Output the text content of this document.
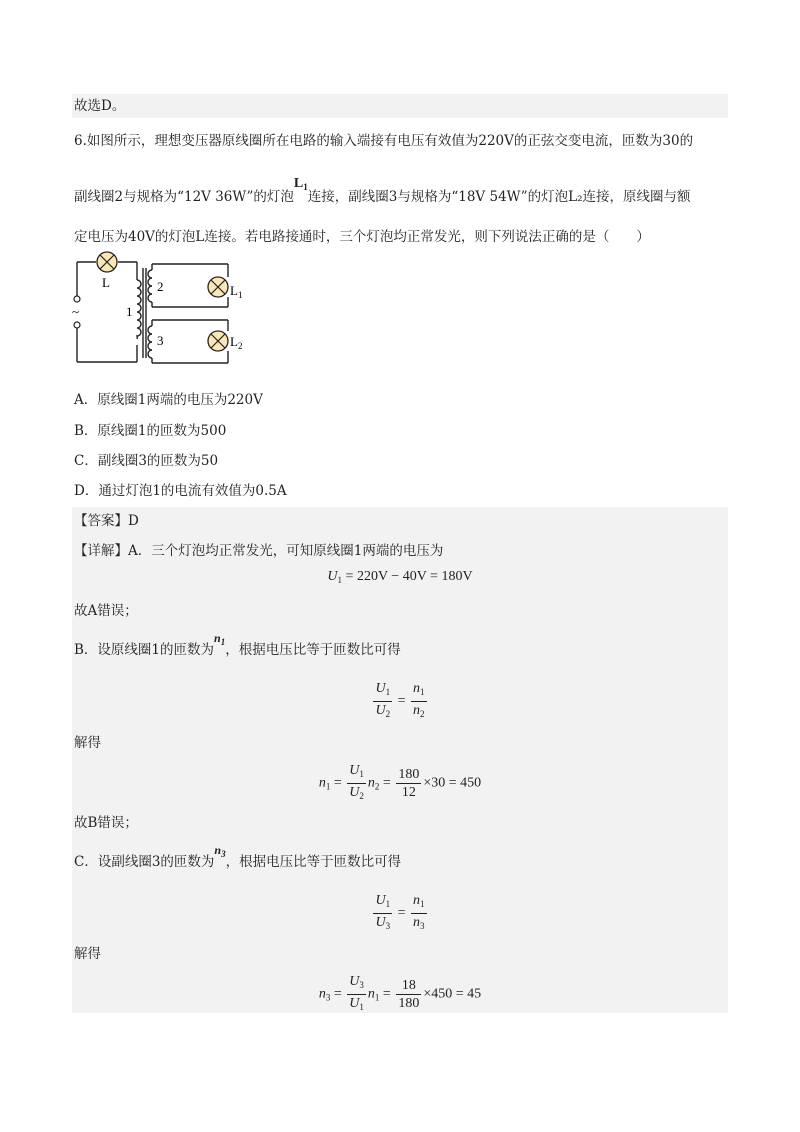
故选D。
6.如图所示，理想变压器原线圈所在电路的输入端接有电压有效值为220V的正弦交变电流，匝数为30的
副线圈2与规格为“12V 36W”的灯泡$L_1$连接，副线圈3与规格为“18V 54W”的灯泡L₂连接，原线圈与额
定电压为40V的灯泡L连接。若电路接通时，三个灯泡均正常发光，则下列说法正确的是（　　）
L
~	1
2
3
$L_1$
$L_2$
A．原线圈1两端的电压为220V
B．原线圈1的匝数为500
C．副线圈3的匝数为50
D．通过灯泡1的电流有效值为0.5A
【答案】D
【详解】A．三个灯泡均正常发光，可知原线圈1两端的电压为
$U_1 = 220V - 40V = 180V$
故A错误；
B．设原线圈1的匝数为$n_1$，根据电压比等于匝数比可得
$\frac{U_1}{U_2} = \frac{n_1}{n_2}$
解得
$n_1 = \frac{U_1}{U_2} n_2 = \frac{180}{12} \times 30 = 450$
故B错误；
C．设副线圈3的匝数为$n_3$，根据电压比等于匝数比可得
$\frac{U_1}{U_3} = \frac{n_1}{n_3}$
解得
$n_3 = \frac{U_3}{U_1} n_1 = \frac{18}{180} \times 450 = 45$
